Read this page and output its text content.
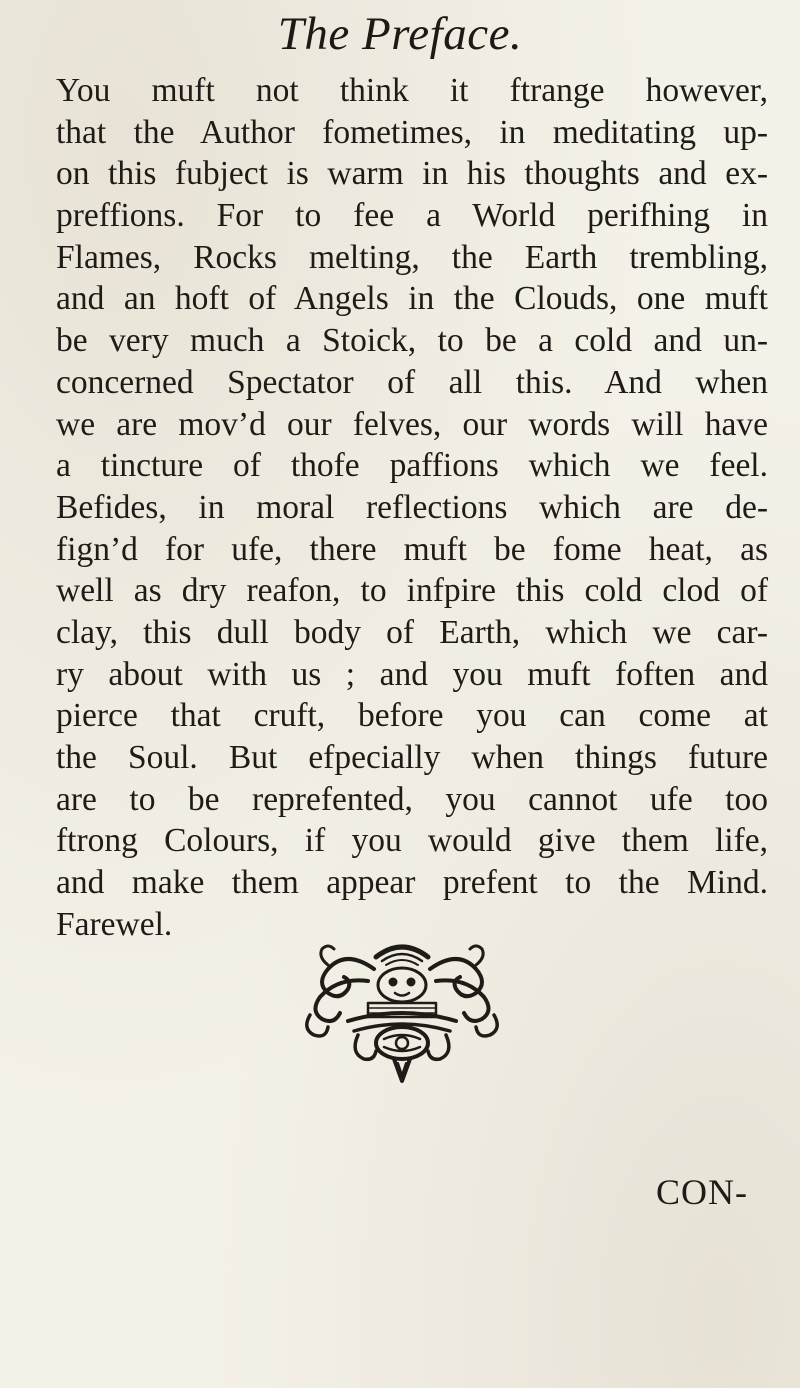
The Preface.
You muft not think it ftrange however,
that the Author fometimes, in meditating up-
on this fubject is warm in his thoughts and ex-
preffions. For to fee a World perifhing in
Flames, Rocks melting, the Earth trembling,
and an hoft of Angels in the Clouds, one muft
be very much a Stoick, to be a cold and un-
concerned Spectator of all this. And when
we are mov’d our felves, our words will have
a tincture of thofe paffions which we feel.
Befides, in moral reflections which are de-
fign’d for ufe, there muft be fome heat, as
well as dry reafon, to infpire this cold clod of
clay, this dull body of Earth, which we car-
ry about with us ; and you muft foften and
pierce that cruft, before you can come at
the Soul. But efpecially when things future
are to be reprefented, you cannot ufe too
ftrong Colours, if you would give them life,
and make them appear prefent to the Mind.
Farewel.
CON-
